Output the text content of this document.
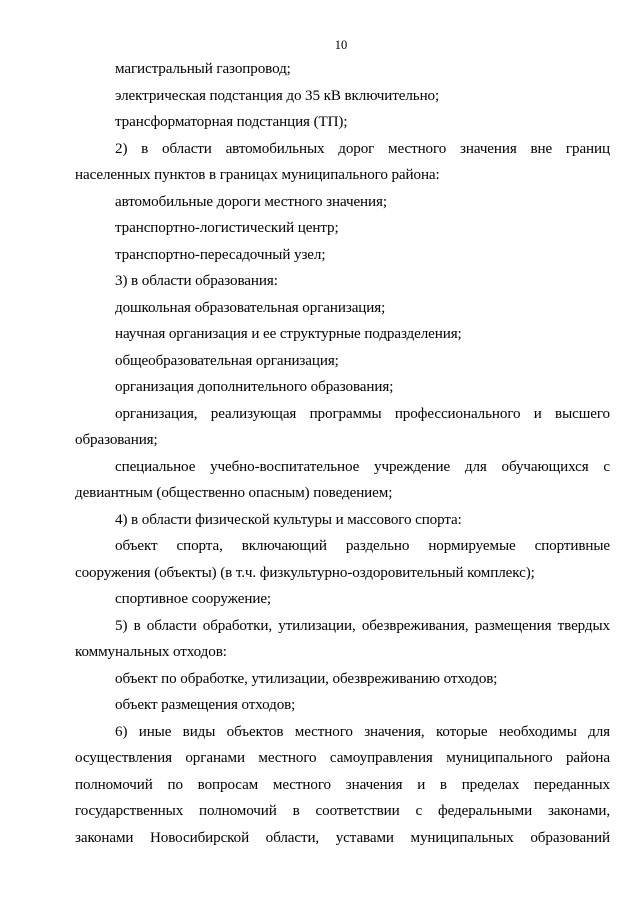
10
магистральный газопровод;
электрическая подстанция до 35 кВ включительно;
трансформаторная подстанция (ТП);
2) в области автомобильных дорог местного значения вне границ
населенных пунктов в границах муниципального района:
автомобильные дороги местного значения;
транспортно-логистический центр;
транспортно-пересадочный узел;
3) в области образования:
дошкольная образовательная организация;
научная организация и ее структурные подразделения;
общеобразовательная организация;
организация дополнительного образования;
организация, реализующая программы профессионального и высшего
образования;
специальное учебно-воспитательное учреждение для обучающихся с
девиантным (общественно опасным) поведением;
4) в области физической культуры и массового спорта:
объект спорта, включающий раздельно нормируемые спортивные
сооружения (объекты) (в т.ч. физкультурно-оздоровительный комплекс);
спортивное сооружение;
5) в области обработки, утилизации, обезвреживания, размещения твердых
коммунальных отходов:
объект по обработке, утилизации, обезвреживанию отходов;
объект размещения отходов;
6) иные виды объектов местного значения, которые необходимы для
осуществления органами местного самоуправления муниципального района
полномочий по вопросам местного значения и в пределах переданных
государственных полномочий в соответствии с федеральными законами,
законами Новосибирской области, уставами муниципальных образований
